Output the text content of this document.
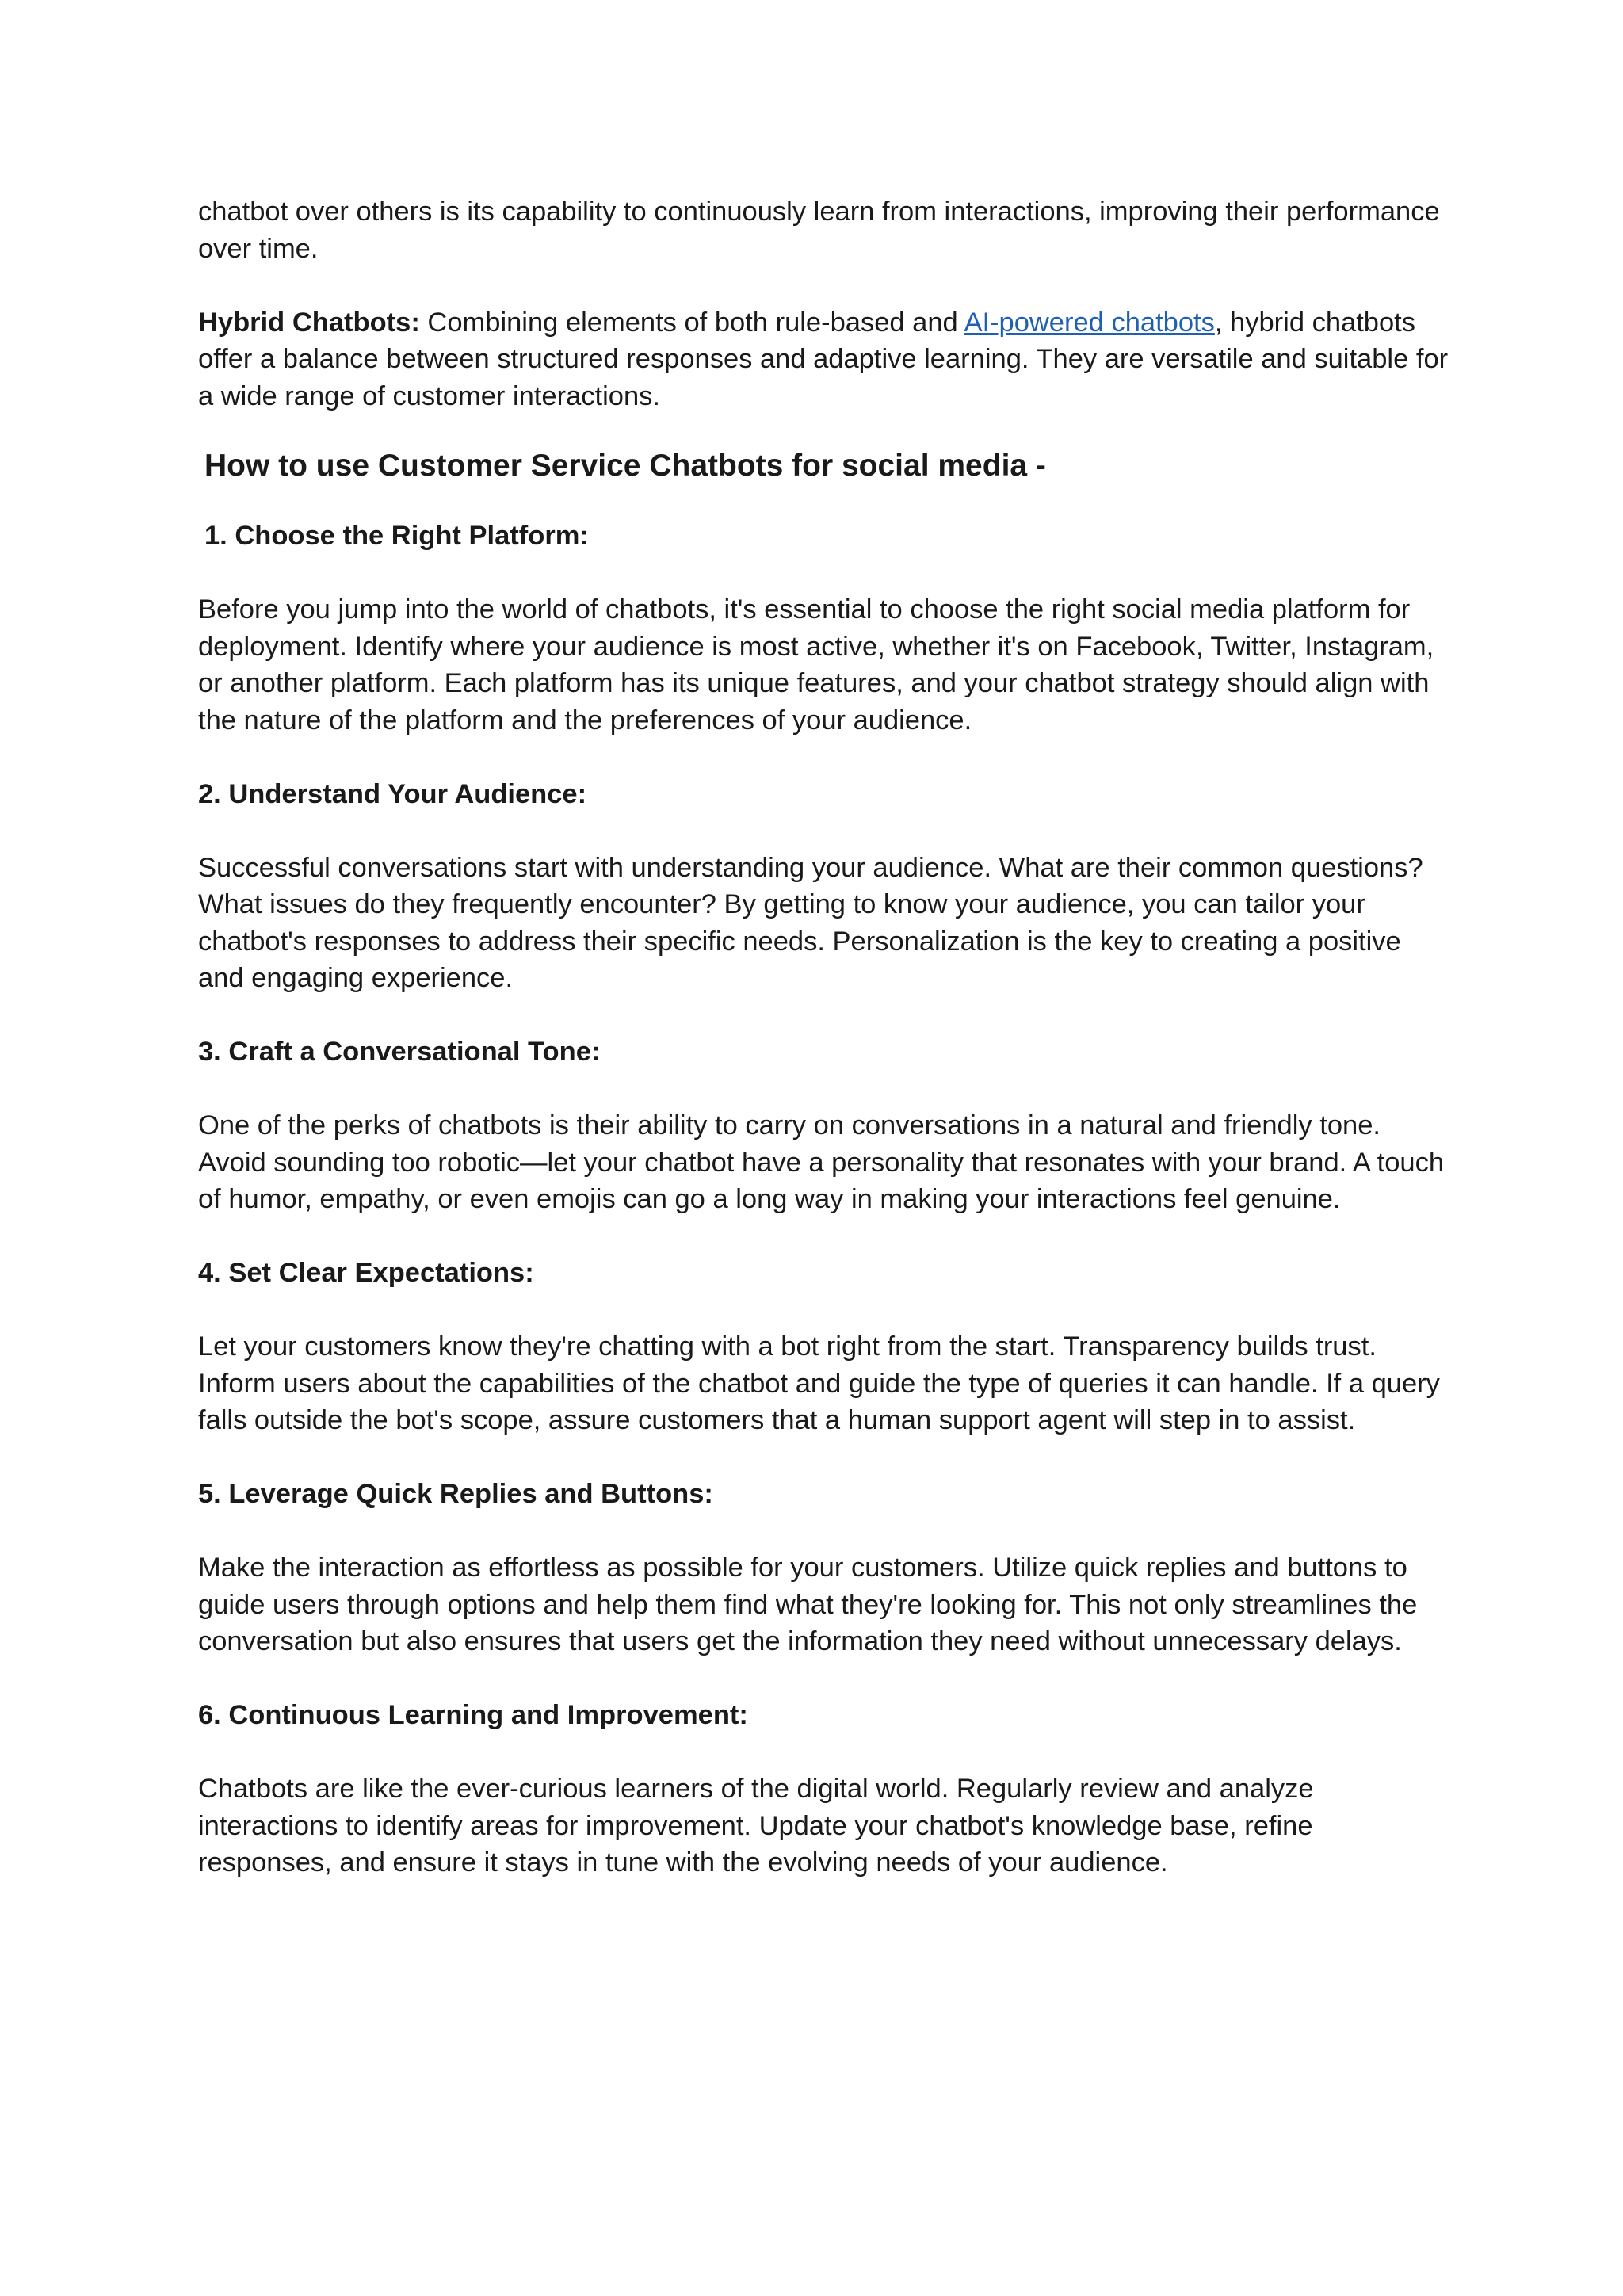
chatbot over others is its capability to continuously learn from interactions, improving their performance over time.

Hybrid Chatbots: Combining elements of both rule-based and AI-powered chatbots, hybrid chatbots offer a balance between structured responses and adaptive learning. They are versatile and suitable for a wide range of customer interactions.

How to use Customer Service Chatbots for social media -

1. Choose the Right Platform:

Before you jump into the world of chatbots, it's essential to choose the right social media platform for deployment. Identify where your audience is most active, whether it's on Facebook, Twitter, Instagram, or another platform. Each platform has its unique features, and your chatbot strategy should align with the nature of the platform and the preferences of your audience.

2. Understand Your Audience:

Successful conversations start with understanding your audience. What are their common questions? What issues do they frequently encounter? By getting to know your audience, you can tailor your chatbot's responses to address their specific needs. Personalization is the key to creating a positive and engaging experience.

3. Craft a Conversational Tone:

One of the perks of chatbots is their ability to carry on conversations in a natural and friendly tone. Avoid sounding too robotic—let your chatbot have a personality that resonates with your brand. A touch of humor, empathy, or even emojis can go a long way in making your interactions feel genuine.

4. Set Clear Expectations:

Let your customers know they're chatting with a bot right from the start. Transparency builds trust. Inform users about the capabilities of the chatbot and guide the type of queries it can handle. If a query falls outside the bot's scope, assure customers that a human support agent will step in to assist.

5. Leverage Quick Replies and Buttons:

Make the interaction as effortless as possible for your customers. Utilize quick replies and buttons to guide users through options and help them find what they're looking for. This not only streamlines the conversation but also ensures that users get the information they need without unnecessary delays.

6. Continuous Learning and Improvement:

Chatbots are like the ever-curious learners of the digital world. Regularly review and analyze interactions to identify areas for improvement. Update your chatbot's knowledge base, refine responses, and ensure it stays in tune with the evolving needs of your audience.
